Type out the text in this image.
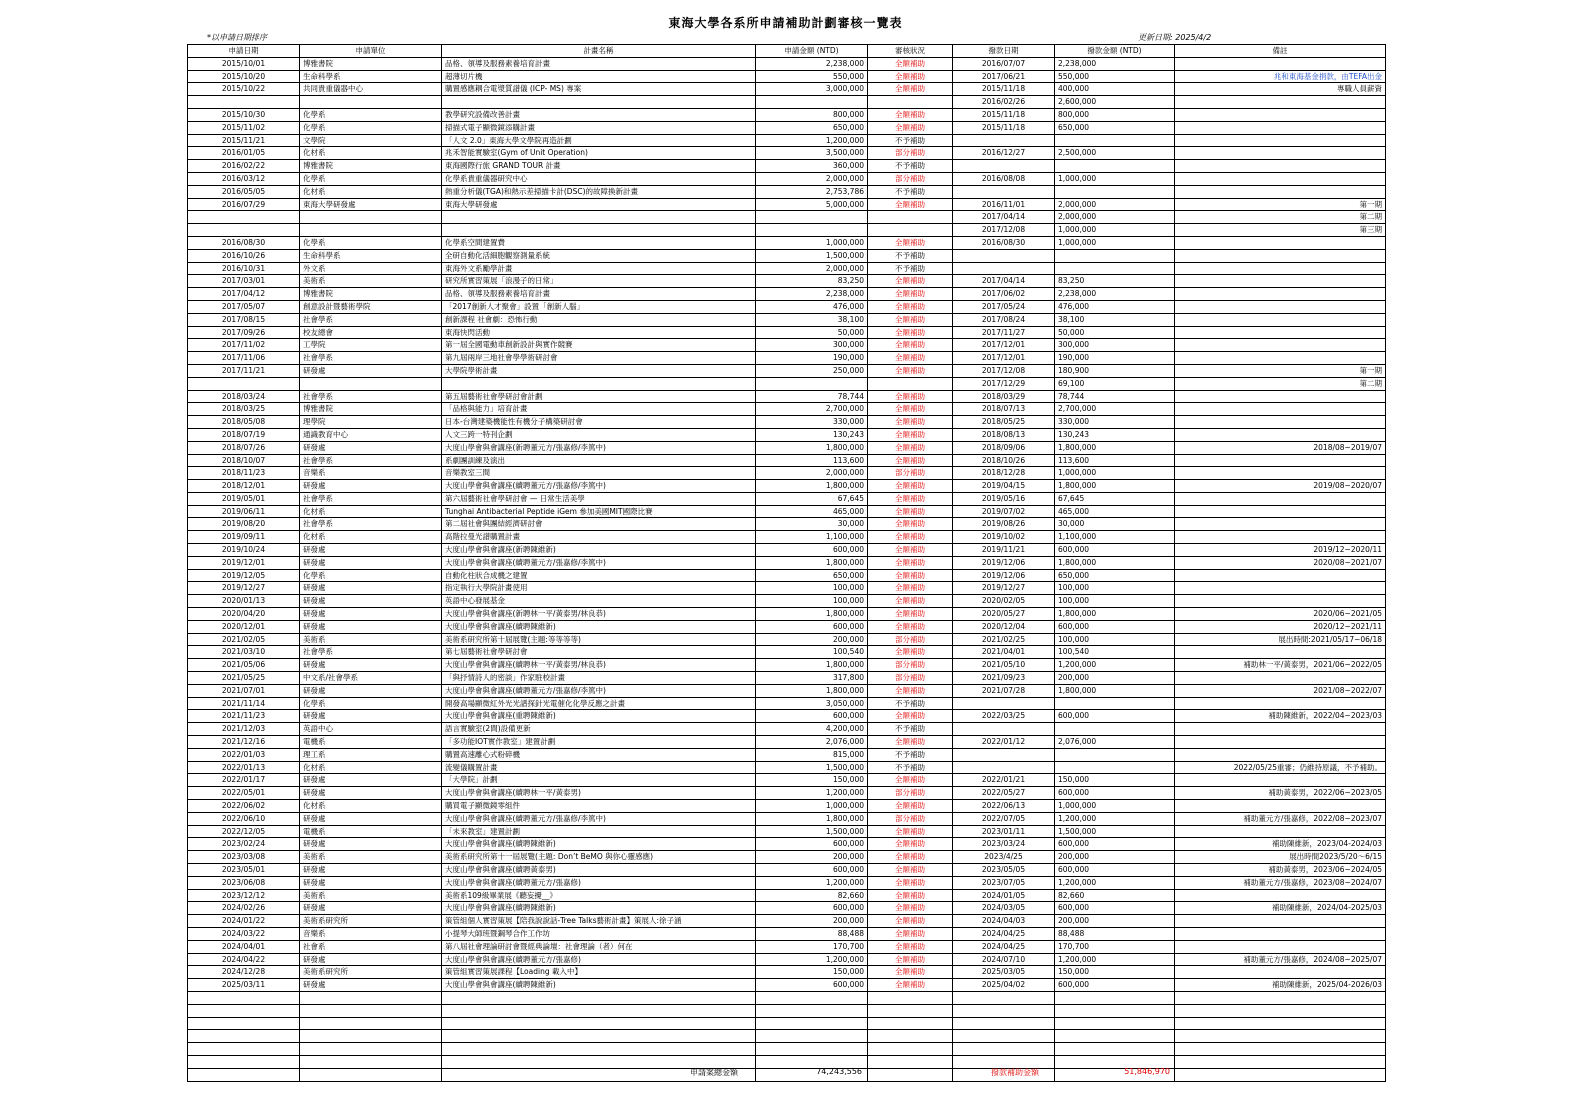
東海大學各系所申請補助計劃審核一覽表
*以申請日期排序	更新日期: 2025/4/2
申請日期	申請單位	計畫名稱	申請金額 (NTD)	審核狀況	撥款日期	撥款金額 (NTD)	備註
2015/10/01	博雅書院	品格、領導及服務素養培育計畫	2,238,000	全額補助	2016/07/07	2,238,000	
2015/10/20	生命科學系	超薄切片機	550,000	全額補助	2017/06/21	550,000	兆和東海基金捐款，由TEFA出金
2015/10/22	共同貴重儀器中心	購置感應耦合電漿質譜儀 (ICP- MS) 專案	3,000,000	全額補助	2015/11/18	400,000	專職人員薪資
					2016/02/26	2,600,000	
2015/10/30	化學系	教學研究設備改善計畫	800,000	全額補助	2015/11/18	800,000	
2015/11/02	化學系	掃描式電子顯微鏡添購計畫	650,000	全額補助	2015/11/18	650,000	
2015/11/21	文學院	「人文 2.0」東海大學文學院再造計劃	1,200,000	不予補助			
2016/01/05	化材系	兆禾智能實驗室(Gym of Unit Operation)	3,500,000	部分補助	2016/12/27	2,500,000	
2016/02/22	博雅書院	東海國際行旅 GRAND TOUR 計畫	360,000	不予補助			
2016/03/12	化學系	化學系貴重儀器研究中心	2,000,000	部分補助	2016/08/08	1,000,000	
2016/05/05	化材系	熱重分析儀(TGA)和熱示差掃描卡計(DSC)的故障換新計畫	2,753,786	不予補助			
2016/07/29	東海大學研發處	東海大學研發處	5,000,000	全額補助	2016/11/01	2,000,000	第一期
					2017/04/14	2,000,000	第二期
					2017/12/08	1,000,000	第三期
2016/08/30	化學系	化學系空間建置費	1,000,000	全額補助	2016/08/30	1,000,000	
2016/10/26	生命科學系	全研自動化活細胞觀察測量系統	1,500,000	不予補助			
2016/10/31	外文系	東海外文系勵學計畫	2,000,000	不予補助			
2017/03/01	美術系	研究所實習策展「浪漫子的日常」	83,250	全額補助	2017/04/14	83,250	
2017/04/12	博雅書院	品格、領導及服務素養培育計畫	2,238,000	全額補助	2017/06/02	2,238,000	
2017/05/07	創意設計暨藝術學院	「2017創新人才聚會」設置「創新人腦」	476,000	全額補助	2017/05/24	476,000	
2017/08/15	社會學系	創新課程 社會劇：恐怖行動	38,100	全額補助	2017/08/24	38,100	
2017/09/26	校友總會	東海快閃活動	50,000	全額補助	2017/11/27	50,000	
2017/11/02	工學院	第一屆全國電動車創新設計與實作競賽	300,000	全額補助	2017/12/01	300,000	
2017/11/06	社會學系	第九屆兩岸三地社會學學術研討會	190,000	全額補助	2017/12/01	190,000	
2017/11/21	研發處	大學院學術計畫	250,000	全額補助	2017/12/08	180,900	第一期
					2017/12/29	69,100	第二期
2018/03/24	社會學系	第五屆藝術社會學研討會計劃	78,744	全額補助	2018/03/29	78,744	
2018/03/25	博雅書院	「品格與能力」培育計畫	2,700,000	全額補助	2018/07/13	2,700,000	
2018/05/08	理學院	日本-台灣建築機能性有機分子構築研討會	330,000	全額補助	2018/05/25	330,000	
2018/07/19	通識教育中心	人文三跨一特刊企劃	130,243	全額補助	2018/08/13	130,243	
2018/07/26	研發處	大度山學會與會講座(新聘董元方/張嘉修/李篤中)	1,800,000	全額補助	2018/09/06	1,800,000	2018/08~2019/07
2018/10/07	社會學系	系劇團訓練及演出	113,600	全額補助	2018/10/26	113,600	
2018/11/23	音樂系	音樂教室三間	2,000,000	部分補助	2018/12/28	1,000,000	
2018/12/01	研發處	大度山學會與會講座(續聘董元方/張嘉修/李篤中)	1,800,000	全額補助	2019/04/15	1,800,000	2019/08~2020/07
2019/05/01	社會學系	第六屆藝術社會學研討會 — 日常生活美學	67,645	全額補助	2019/05/16	67,645	
2019/06/11	化材系	Tunghai Antibacterial Peptide iGem 參加美國MIT國際比賽	465,000	全額補助	2019/07/02	465,000	
2019/08/20	社會學系	第二屆社會與團結經濟研討會	30,000	全額補助	2019/08/26	30,000	
2019/09/11	化材系	高階拉曼光譜購置計畫	1,100,000	全額補助	2019/10/02	1,100,000	
2019/10/24	研發處	大度山學會與會講座(新聘陳維新)	600,000	全額補助	2019/11/21	600,000	2019/12~2020/11
2019/12/01	研發處	大度山學會與會講座(續聘董元方/張嘉修/李篤中)	1,800,000	全額補助	2019/12/06	1,800,000	2020/08~2021/07
2019/12/05	化學系	自動化柱狀合成機之建置	650,000	全額補助	2019/12/06	650,000	
2019/12/27	研發處	指定執行大學院計畫使用	100,000	全額補助	2019/12/27	100,000	
2020/01/13	研發處	英語中心發展基金	100,000	全額補助	2020/02/05	100,000	
2020/04/20	研發處	大度山學會與會講座(新聘林一平/黃泰男/林良恭)	1,800,000	全額補助	2020/05/27	1,800,000	2020/06~2021/05
2020/12/01	研發處	大度山學會與會講座(續聘陳維新)	600,000	全額補助	2020/12/04	600,000	2020/12~2021/11
2021/02/05	美術系	美術系研究所第十屆展覽(主題:等等等等)	200,000	部分補助	2021/02/25	100,000	展出時間:2021/05/17~06/18
2021/03/10	社會學系	第七屆藝術社會學研討會	100,540	全額補助	2021/04/01	100,540	
2021/05/06	研發處	大度山學會與會講座(續聘林一平/黃泰男/林良恭)	1,800,000	部分補助	2021/05/10	1,200,000	補助林一平/黃泰男，2021/06~2022/05
2021/05/25	中文系/社會學系	「與抒情詩人的密談」作家駐校計畫	317,800	部分補助	2021/09/23	200,000	
2021/07/01	研發處	大度山學會與會講座(續聘董元方/張嘉修/李篤中)	1,800,000	全額補助	2021/07/28	1,800,000	2021/08~2022/07
2021/11/14	化學系	開發高場顯微紅外光光譜探針光電催化化學反應之計畫	3,050,000	不予補助			
2021/11/23	研發處	大度山學會與會講座(重聘陳維新)	600,000	全額補助	2022/03/25	600,000	補助陳維新，2022/04~2023/03
2021/12/03	英語中心	語言實驗室(2間)設備更新	4,200,000	不予補助			
2021/12/16	電機系	「多功能IOT實作教室」建置計劃	2,076,000	全額補助	2022/01/12	2,076,000	
2022/01/03	理工系	購置高速離心式粉碎機	815,000	不予補助			
2022/01/13	化材系	流變儀購置計畫	1,500,000	不予補助			2022/05/25重審；仍維持原議，不予補助。
2022/01/17	研發處	「大學院」計劃	150,000	全額補助	2022/01/21	150,000	
2022/05/01	研發處	大度山學會與會講座(續聘林一平/黃泰男)	1,200,000	部分補助	2022/05/27	600,000	補助黃泰男，2022/06~2023/05
2022/06/02	化材系	購買電子顯微鏡零組件	1,000,000	全額補助	2022/06/13	1,000,000	
2022/06/10	研發處	大度山學會與會講座(續聘董元方/張嘉修/李篤中)	1,800,000	部分補助	2022/07/05	1,200,000	補助董元方/張嘉修，2022/08~2023/07
2022/12/05	電機系	「未來教室」建置計劃	1,500,000	全額補助	2023/01/11	1,500,000	
2023/02/24	研發處	大度山學會與會講座(續聘陳維新)	600,000	全額補助	2023/03/24	600,000	補助陳維新，2023/04-2024/03
2023/03/08	美術系	美術系研究所第十一屆展覽(主題: Don’t BeMO 與你心靈感應)	200,000	全額補助	2023/4/25	200,000	展出時間2023/5/20～6/15
2023/05/01	研發處	大度山學會與會講座(續聘黃泰男)	600,000	全額補助	2023/05/05	600,000	補助黃泰男，2023/06~2024/05
2023/06/08	研發處	大度山學會與會講座(續聘董元方/張嘉修)	1,200,000	全額補助	2023/07/05	1,200,000	補助董元方/張嘉修，2023/08~2024/07
2023/12/12	美術系	美術系109級畢業展《聽妄擾__》	82,660	全額補助	2024/01/05	82,660	
2024/02/26	研發處	大度山學會與會講座(續聘陳維新)	600,000	全額補助	2024/03/05	600,000	補助陳維新，2024/04-2025/03
2024/01/22	美術系研究所	策管組個人實習策展【陪我說說話-Tree Talks藝術計畫】策展人:徐子涵	200,000	全額補助	2024/04/03	200,000	
2024/03/22	音樂系	小提琴大師班暨鋼琴合作工作坊	88,488	全額補助	2024/04/25	88,488	
2024/04/01	社會系	第八屆社會理論研討會暨經典論壇：社會理論（者）何在	170,700	全額補助	2024/04/25	170,700	
2024/04/22	研發處	大度山學會與會講座(續聘董元方/張嘉修)	1,200,000	全額補助	2024/07/10	1,200,000	補助董元方/張嘉修，2024/08~2025/07
2024/12/28	美術系研究所	策管組實習策展課程【Loading 載入中】	150,000	全額補助	2025/03/05	150,000	
2025/03/11	研發處	大度山學會與會講座(續聘陳維新)	600,000	全額補助	2025/04/02	600,000	補助陳維新，2025/04-2026/03

申請案總金額	74,243,556	撥款補助金額	51,846,970
